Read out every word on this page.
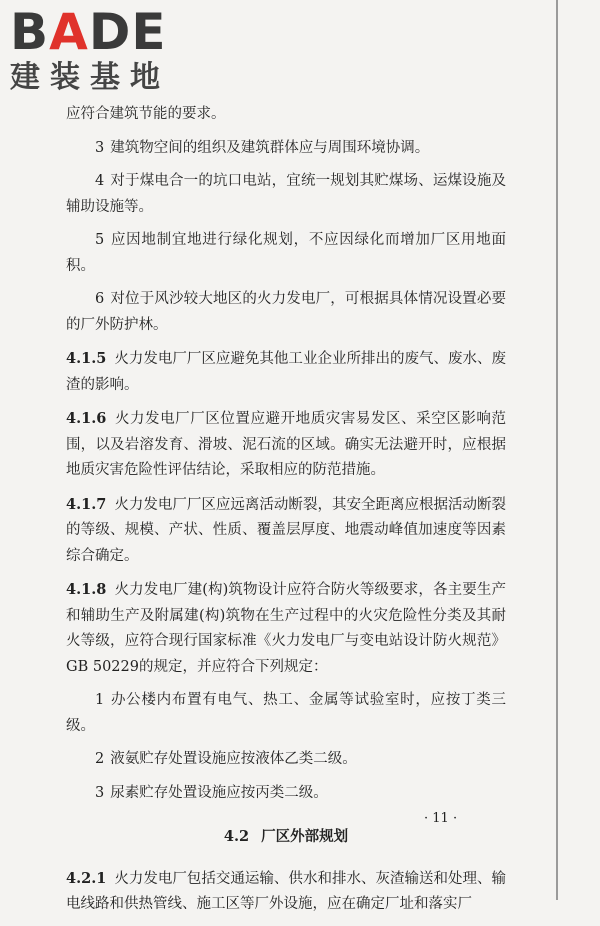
BADE
建装基地

应符合建筑节能的要求。

3 建筑物空间的组织及建筑群体应与周围环境协调。

4 对于煤电合一的坑口电站，宜统一规划其贮煤场、运煤设施及辅助设施等。

5 应因地制宜地进行绿化规划，不应因绿化而增加厂区用地面积。

6 对位于风沙较大地区的火力发电厂，可根据具体情况设置必要的厂外防护林。

4.1.5 火力发电厂厂区应避免其他工业企业所排出的废气、废水、废渣的影响。

4.1.6 火力发电厂厂区位置应避开地质灾害易发区、采空区影响范围，以及岩溶发育、滑坡、泥石流的区域。确实无法避开时，应根据地质灾害危险性评估结论，采取相应的防范措施。

4.1.7 火力发电厂厂区应远离活动断裂，其安全距离应根据活动断裂的等级、规模、产状、性质、覆盖层厚度、地震动峰值加速度等因素综合确定。

4.1.8 火力发电厂建(构)筑物设计应符合防火等级要求，各主要生产和辅助生产及附属建(构)筑物在生产过程中的火灾危险性分类及其耐火等级，应符合现行国家标准《火力发电厂与变电站设计防火规范》GB 50229的规定，并应符合下列规定：

1 办公楼内布置有电气、热工、金属等试验室时，应按丁类三级。

2 液氨贮存处置设施应按液体乙类二级。

3 尿素贮存处置设施应按丙类二级。

4.2 厂区外部规划

4.2.1 火力发电厂包括交通运输、供水和排水、灰渣输送和处理、输电线路和供热管线、施工区等厂外设施，应在确定厂址和落实厂

· 11 ·
